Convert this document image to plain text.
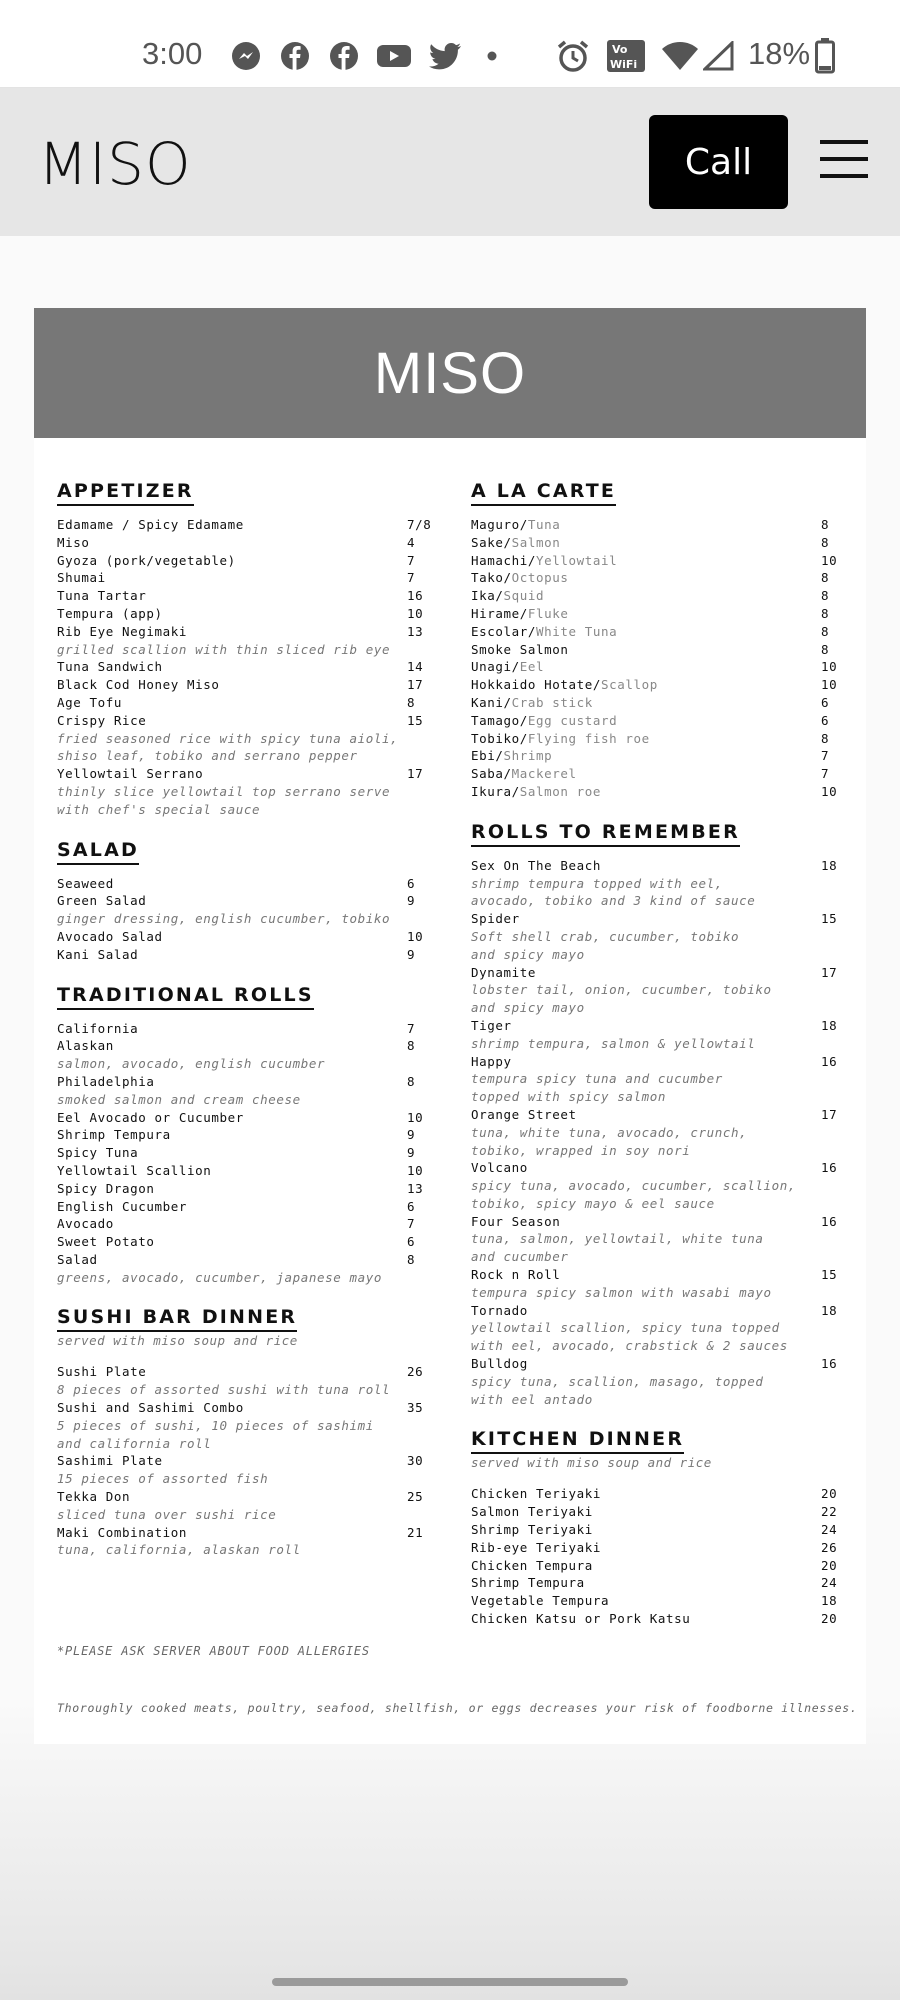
3:00	Vo
WiFi	18%
MISO	Call
MISO
APPETIZER
Edamame / Spicy Edamame	7/8
Miso	4
Gyoza (pork/vegetable)	7
Shumai	7
Tuna Tartar	16
Tempura (app)	10
Rib Eye Negimaki	13
grilled scallion with thin sliced rib eye
Tuna Sandwich	14
Black Cod Honey Miso	17
Age Tofu	8
Crispy Rice	15
fried seasoned rice with spicy tuna aioli,
shiso leaf, tobiko and serrano pepper
Yellowtail Serrano	17
thinly slice yellowtail top serrano serve
with chef's special sauce
SALAD
Seaweed	6
Green Salad	9
ginger dressing, english cucumber, tobiko
Avocado Salad	10
Kani Salad	9
TRADITIONAL ROLLS
California	7
Alaskan	8
salmon, avocado, english cucumber
Philadelphia	8
smoked salmon and cream cheese
Eel Avocado or Cucumber	10
Shrimp Tempura	9
Spicy Tuna	9
Yellowtail Scallion	10
Spicy Dragon	13
English Cucumber	6
Avocado	7
Sweet Potato	6
Salad	8
greens, avocado, cucumber, japanese mayo
SUSHI BAR DINNER
served with miso soup and rice
Sushi Plate	26
8 pieces of assorted sushi with tuna roll
Sushi and Sashimi Combo	35
5 pieces of sushi, 10 pieces of sashimi
and california roll
Sashimi Plate	30
15 pieces of assorted fish
Tekka Don	25
sliced tuna over sushi rice
Maki Combination	21
tuna, california, alaskan roll
A LA CARTE
Maguro/Tuna	8
Sake/Salmon	8
Hamachi/Yellowtail	10
Tako/Octopus	8
Ika/Squid	8
Hirame/Fluke	8
Escolar/White Tuna	8
Smoke Salmon	8
Unagi/Eel	10
Hokkaido Hotate/Scallop	10
Kani/Crab stick	6
Tamago/Egg custard	6
Tobiko/Flying fish roe	8
Ebi/Shrimp	7
Saba/Mackerel	7
Ikura/Salmon roe	10
ROLLS TO REMEMBER
Sex On The Beach	18
shrimp tempura topped with eel,
avocado, tobiko and 3 kind of sauce
Spider	15
Soft shell crab, cucumber, tobiko
and spicy mayo
Dynamite	17
lobster tail, onion, cucumber, tobiko
and spicy mayo
Tiger	18
shrimp tempura, salmon & yellowtail
Happy	16
tempura spicy tuna and cucumber
topped with spicy salmon
Orange Street	17
tuna, white tuna, avocado, crunch,
tobiko, wrapped in soy nori
Volcano	16
spicy tuna, avocado, cucumber, scallion,
tobiko, spicy mayo & eel sauce
Four Season	16
tuna, salmon, yellowtail, white tuna
and cucumber
Rock n Roll	15
tempura spicy salmon with wasabi mayo
Tornado	18
yellowtail scallion, spicy tuna topped
with eel, avocado, crabstick & 2 sauces
Bulldog	16
spicy tuna, scallion, masago, topped
with eel antado
KITCHEN DINNER
served with miso soup and rice
Chicken Teriyaki	20
Salmon Teriyaki	22
Shrimp Teriyaki	24
Rib-eye Teriyaki	26
Chicken Tempura	20
Shrimp Tempura	24
Vegetable Tempura	18
Chicken Katsu or Pork Katsu	20
*PLEASE ASK SERVER ABOUT FOOD ALLERGIES
Thoroughly cooked meats, poultry, seafood, shellfish, or eggs decreases your risk of foodborne illnesses.
